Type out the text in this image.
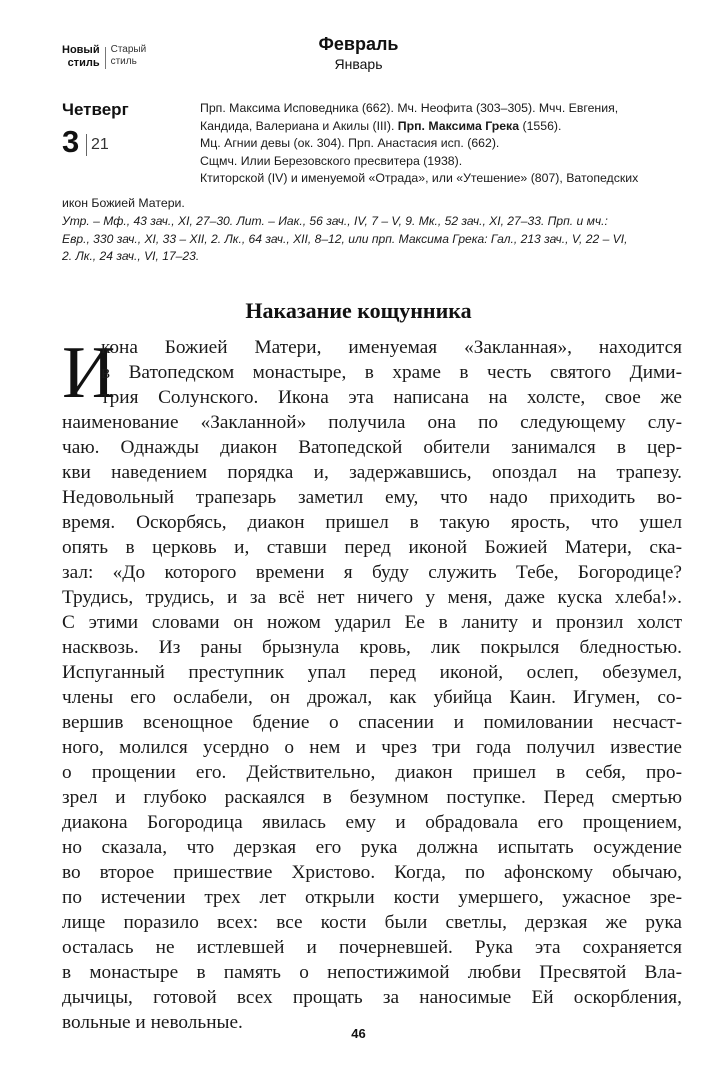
Новый
стиль
Старый
стиль
Февраль
Январь
Четверг
3 21
Прп. Максима Исповедника (662). Мч. Неофита (303–305). Мчч. Евгения,
Кандида, Валериана и Акилы (III). Прп. Максима Грека (1556).
Мц. Агнии девы (ок. 304). Прп. Анастасия исп. (662).
Сщмч. Илии Березовского пресвитера (1938).
Ктиторской (IV) и именуемой «Отрада», или «Утешение» (807), Ватопедских
икон Божией Матери.
Утр. – Мф., 43 зач., XI, 27–30. Лит. – Иак., 56 зач., IV, 7 – V, 9. Мк., 52 зач., XI, 27–33. Прп. и мч.:
Евр., 330 зач., XI, 33 – XII, 2. Лк., 64 зач., XII, 8–12, или прп. Максима Грека: Гал., 213 зач., V, 22 – VI,
2. Лк., 24 зач., VI, 17–23.
Наказание кощунника
И
кона Божией Матери, именуемая «Закланная», находится
в Ватопедском монастыре, в храме в честь святого Дими-
трия Солунского. Икона эта написана на холсте, свое же
наименование «Закланной» получила она по следующему слу-
чаю. Однажды диакон Ватопедской обители занимался в цер-
кви наведением порядка и, задержавшись, опоздал на трапезу.
Недовольный трапезарь заметил ему, что надо приходить во-
время. Оскорбясь, диакон пришел в такую ярость, что ушел
опять в церковь и, ставши перед иконой Божией Матери, ска-
зал: «До которого времени я буду служить Тебе, Богородице?
Трудись, трудись, и за всё нет ничего у меня, даже куска хлеба!».
С этими словами он ножом ударил Ее в ланиту и пронзил холст
насквозь. Из раны брызнула кровь, лик покрылся бледностью.
Испуганный преступник упал перед иконой, ослеп, обезумел,
члены его ослабели, он дрожал, как убийца Каин. Игумен, со-
вершив всенощное бдение о спасении и помиловании несчаст-
ного, молился усердно о нем и чрез три года получил известие
о прощении его. Действительно, диакон пришел в себя, про-
зрел и глубоко раскаялся в безумном поступке. Перед смертью
диакона Богородица явилась ему и обрадовала его прощением,
но сказала, что дерзкая его рука должна испытать осуждение
во второе пришествие Христово. Когда, по афонскому обычаю,
по истечении трех лет открыли кости умершего, ужасное зре-
лище поразило всех: все кости были светлы, дерзкая же рука
осталась не истлевшей и почерневшей. Рука эта сохраняется
в монастыре в память о непостижимой любви Пресвятой Вла-
дычицы, готовой всех прощать за наносимые Ей оскорбления,
вольные и невольные.
46
